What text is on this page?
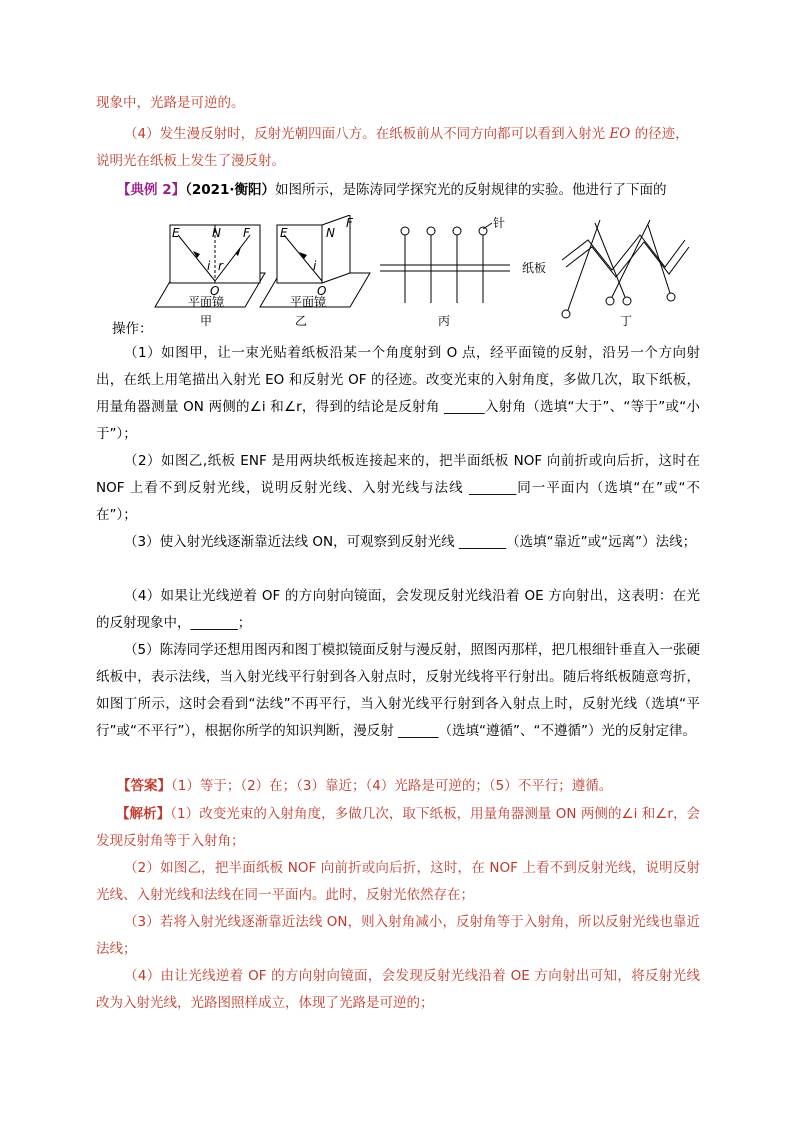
现象中，光路是可逆的。
（4）发生漫反射时，反射光朝四面八方。在纸板前从不同方向都可以看到入射光 EO 的径迹，
说明光在纸板上发生了漫反射。
【典例 2】（2021·衡阳）如图所示，是陈涛同学探究光的反射规律的实验。他进行了下面的
E	N F
i r
O
平面镜
甲
E	N
F
i
O
平面镜
乙
针
纸板
丙	丁
操作：

（1）如图甲，让一束光贴着纸板沿某一个角度射到 O 点，经平面镜的反射，沿另一个方向射出，在纸上用笔描出入射光 EO 和反射光 OF 的径迹。改变光束的入射角度，多做几次，取下纸板，用量角器测量 ON 两侧的∠i 和∠r，得到的结论是反射角 ______入射角（选填“大于”、“等于”或“小于”）；

（2）如图乙,纸板 ENF 是用两块纸板连接起来的，把半面纸板 NOF 向前折或向后折，这时在 NOF 上看不到反射光线，说明反射光线、入射光线与法线 _______同一平面内（选填“在”或“不在”）；

（3）使入射光线逐渐靠近法线 ON，可观察到反射光线 _______（选填“靠近”或“远离”）法线；

（4）如果让光线逆着 OF 的方向射向镜面，会发现反射光线沿着 OE 方向射出，这表明：在光的反射现象中，_______；

（5）陈涛同学还想用图丙和图丁模拟镜面反射与漫反射，照图丙那样，把几根细针垂直入一张硬纸板中，表示法线，当入射光线平行射到各入射点时，反射光线将平行射出。随后将纸板随意弯折，如图丁所示，这时会看到“法线”不再平行，当入射光线平行射到各入射点上时，反射光线（选填“平行”或“不平行”），根据你所学的知识判断，漫反射 ______（选填“遵循”、“不遵循”）光的反射定律。

【答案】（1）等于；（2）在；（3）靠近；（4）光路是可逆的；（5）不平行；遵循。

【解析】（1）改变光束的入射角度，多做几次，取下纸板，用量角器测量 ON 两侧的∠i 和∠r，会发现反射角等于入射角；

（2）如图乙，把半面纸板 NOF 向前折或向后折，这时，在 NOF 上看不到反射光线，说明反射光线、入射光线和法线在同一平面内。此时，反射光依然存在；

（3）若将入射光线逐渐靠近法线 ON，则入射角减小，反射角等于入射角，所以反射光线也靠近法线；

（4）由让光线逆着 OF 的方向射向镜面，会发现反射光线沿着 OE 方向射出可知，将反射光线改为入射光线，光路图照样成立，体现了光路是可逆的；
